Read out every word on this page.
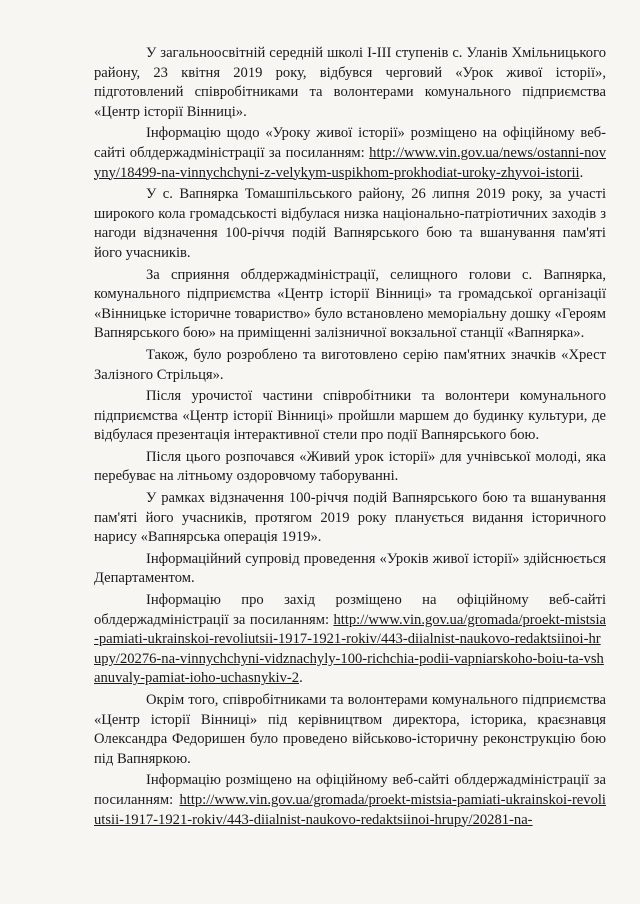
У загальноосвітній середній школі І-ІІІ ступенів с. Уланів Хмільницького району, 23 квітня 2019 року, відбувся черговий «Урок живої історії», підготовлений співробітниками та волонтерами комунального підприємства «Центр історії Вінниці».

Інформацію щодо «Уроку живої історії» розміщено на офіційному веб-сайті облдержадміністрації за посиланням: http://www.vin.gov.ua/news/ostanni-novyny/18499-na-vinnychchyni-z-velykym-uspikhom-prokhodiat-uroky-zhyvoi-istorii.

У с. Вапнярка Томашпільського району, 26 липня 2019 року, за участі широкого кола громадськості відбулася низка національно-патріотичних заходів з нагоди відзначення 100-річчя подій Вапнярського бою та вшанування пам'яті його учасників.

За сприяння облдержадміністрації, селищного голови с. Вапнярка, комунального підприємства «Центр історії Вінниці» та громадської організації «Вінницьке історичне товариство» було встановлено меморіальну дошку «Героям Вапнярського бою» на приміщенні залізничної вокзальної станції «Вапнярка».

Також, було розроблено та виготовлено серію пам'ятних значків «Хрест Залізного Стрільця».

Після урочистої частини співробітники та волонтери комунального підприємства «Центр історії Вінниці» пройшли маршем до будинку культури, де відбулася презентація інтерактивної стели про події Вапнярського бою.

Після цього розпочався «Живий урок історії» для учнівської молоді, яка перебуває на літньому оздоровчому таборуванні.

У рамках відзначення 100-річчя подій Вапнярського бою та вшанування пам'яті його учасників, протягом 2019 року планується видання історичного нарису «Вапнярська операція 1919».

Інформаційний супровід проведення «Уроків живої історії» здійснюється Департаментом.

Інформацію про захід розміщено на офіційному веб-сайті облдержадміністрації за посиланням: http://www.vin.gov.ua/gromada/proekt-mistsia-pamiati-ukrainskoi-revoliutsii-1917-1921-rokiv/443-diialnist-naukovo-redaktsiinoi-hrupy/20276-na-vinnychchyni-vidznachyly-100-richchia-podii-vapniarskoho-boiu-ta-vshanuvaly-pamiat-ioho-uchasnykiv-2.

Окрім того, співробітниками та волонтерами комунального підприємства «Центр історії Вінниці» під керівництвом директора, історика, краєзнавця Олександра Федоришен було проведено військово-історичну реконструкцію бою під Вапняркою.

Інформацію розміщено на офіційному веб-сайті облдержадміністрації за посиланням: http://www.vin.gov.ua/gromada/proekt-mistsia-pamiati-ukrainskoi-revoliutsii-1917-1921-rokiv/443-diialnist-naukovo-redaktsiinoi-hrupy/20281-na-
